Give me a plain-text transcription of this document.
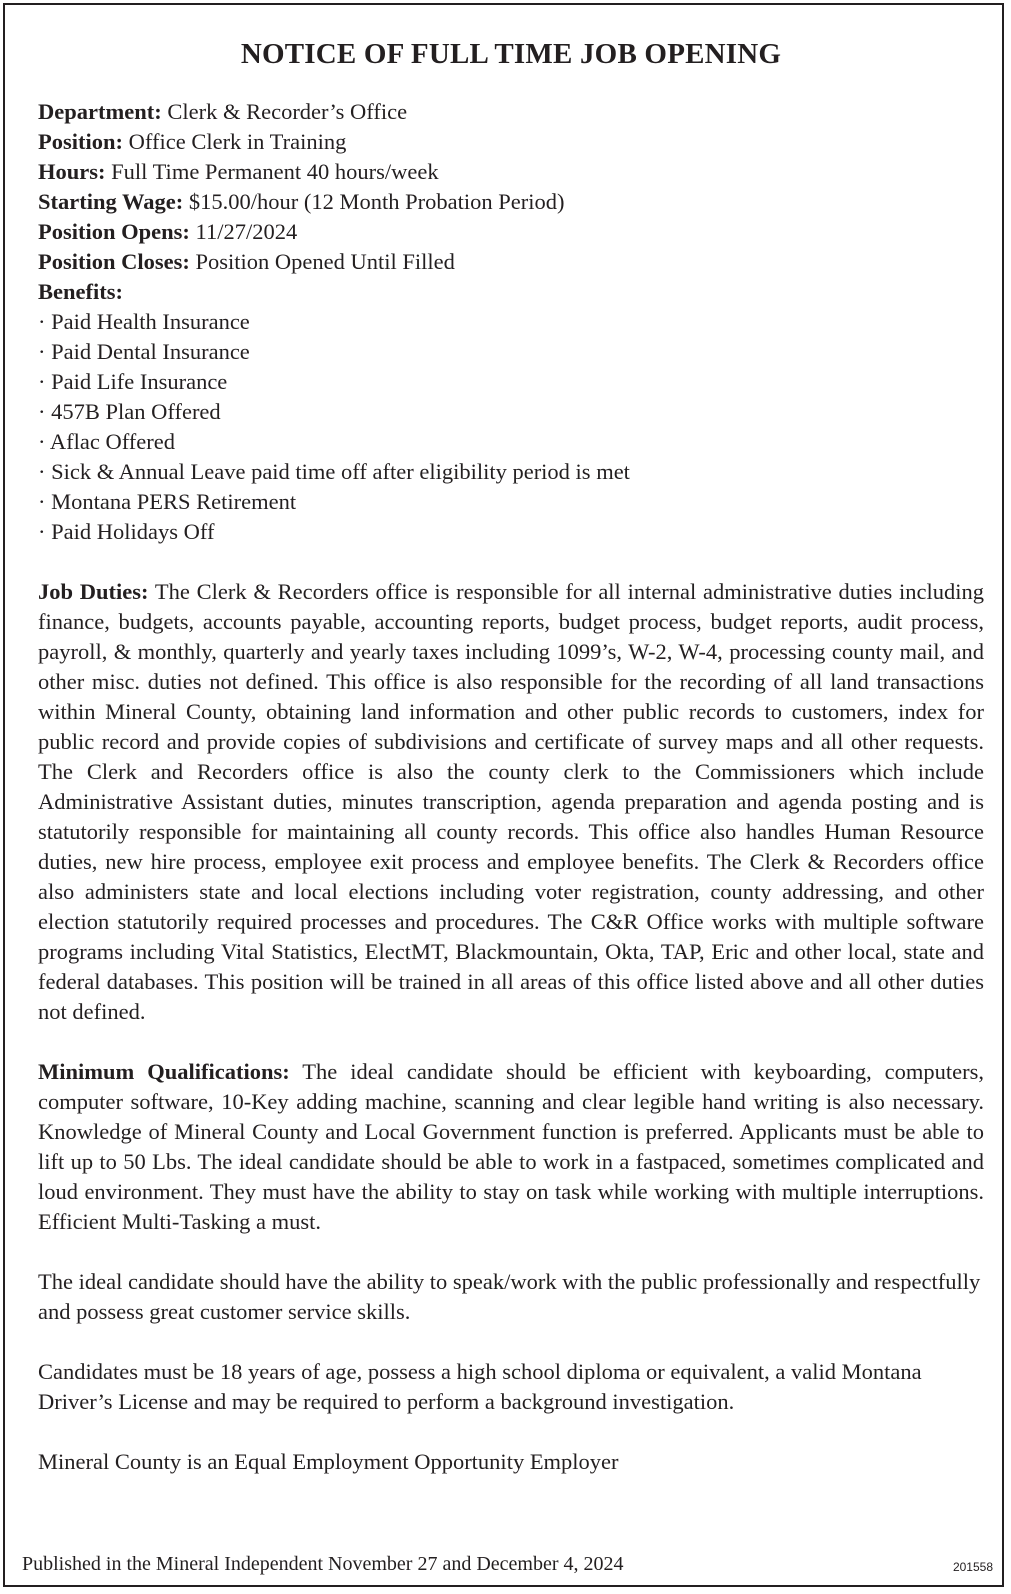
NOTICE OF FULL TIME JOB OPENING
Department: Clerk & Recorder’s Office
Position: Office Clerk in Training
Hours: Full Time Permanent 40 hours/week
Starting Wage: $15.00/hour (12 Month Probation Period)
Position Opens: 11/27/2024
Position Closes: Position Opened Until Filled
Benefits:
· Paid Health Insurance
· Paid Dental Insurance
· Paid Life Insurance
· 457B Plan Offered
· Aflac Offered
· Sick & Annual Leave paid time off after eligibility period is met
· Montana PERS Retirement
· Paid Holidays Off

Job Duties: The Clerk & Recorders office is responsible for all internal administrative duties including finance, budgets, accounts payable, accounting reports, budget process, budget reports, audit process, payroll, & monthly, quarterly and yearly taxes including 1099’s, W-2, W-4, processing county mail, and other misc. duties not defined. This office is also responsible for the recording of all land transactions within Mineral County, obtaining land information and other public records to customers, index for public record and provide copies of subdivisions and certificate of survey maps and all other requests. The Clerk and Recorders office is also the county clerk to the Commissioners which include Administrative Assistant duties, minutes transcription, agenda preparation and agenda posting and is statutorily responsible for maintaining all county records. This office also handles Human Resource duties, new hire process, employee exit process and employee benefits. The Clerk & Recorders office also administers state and local elections including voter registration, county addressing, and other election statutorily required processes and procedures. The C&R Office works with multiple software programs including Vital Statistics, ElectMT, Blackmountain, Okta, TAP, Eric and other local, state and federal databases. This position will be trained in all areas of this office listed above and all other duties not defined.

Minimum Qualifications: The ideal candidate should be efficient with keyboarding, computers, computer software, 10-Key adding machine, scanning and clear legible hand writing is also necessary. Knowledge of Mineral County and Local Government function is preferred. Applicants must be able to lift up to 50 Lbs. The ideal candidate should be able to work in a fastpaced, sometimes complicated and loud environment. They must have the ability to stay on task while working with multiple interruptions. Efficient Multi-Tasking a must.

The ideal candidate should have the ability to speak/work with the public professionally and respectfully and possess great customer service skills.

Candidates must be 18 years of age, possess a high school diploma or equivalent, a valid Montana Driver’s License and may be required to perform a background investigation.

Mineral County is an Equal Employment Opportunity Employer

Published in the Mineral Independent November 27 and December 4, 2024	201558
